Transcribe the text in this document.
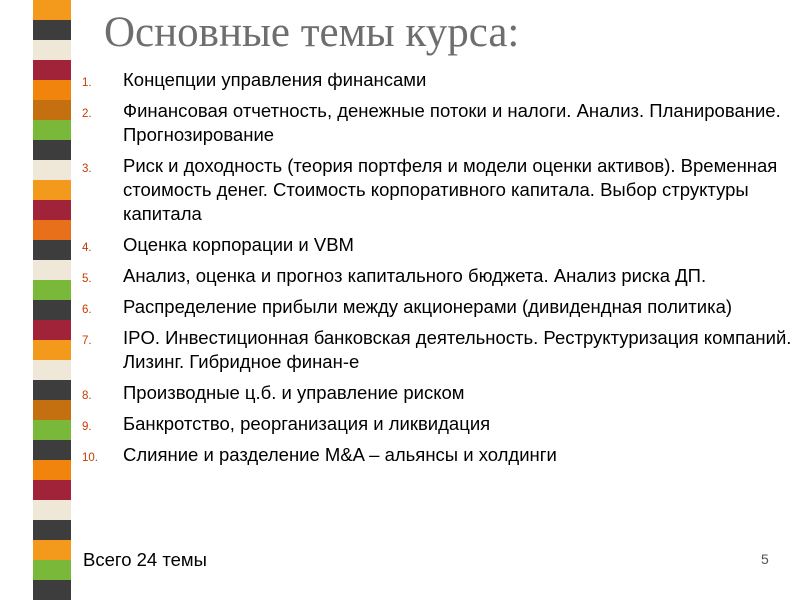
Основные темы курса:
1. Концепции управления финансами
2. Финансовая отчетность, денежные потоки и налоги. Анализ. Планирование. Прогнозирование
3. Риск и доходность (теория портфеля и модели оценки активов). Временная стоимость денег. Стоимость корпоративного капитала. Выбор структуры капитала
4. Оценка корпорации и VBM
5. Анализ, оценка и прогноз капитального бюджета. Анализ риска ДП.
6. Распределение прибыли между акционерами (дивидендная политика)
7. IPO. Инвестиционная банковская деятельность. Реструктуризация компаний. Лизинг. Гибридное финан-е
8. Производные ц.б. и управление риском
9. Банкротство, реорганизация и ликвидация
10. Слияние и разделение M&A – альянсы и холдинги
Всего 24 темы	5
